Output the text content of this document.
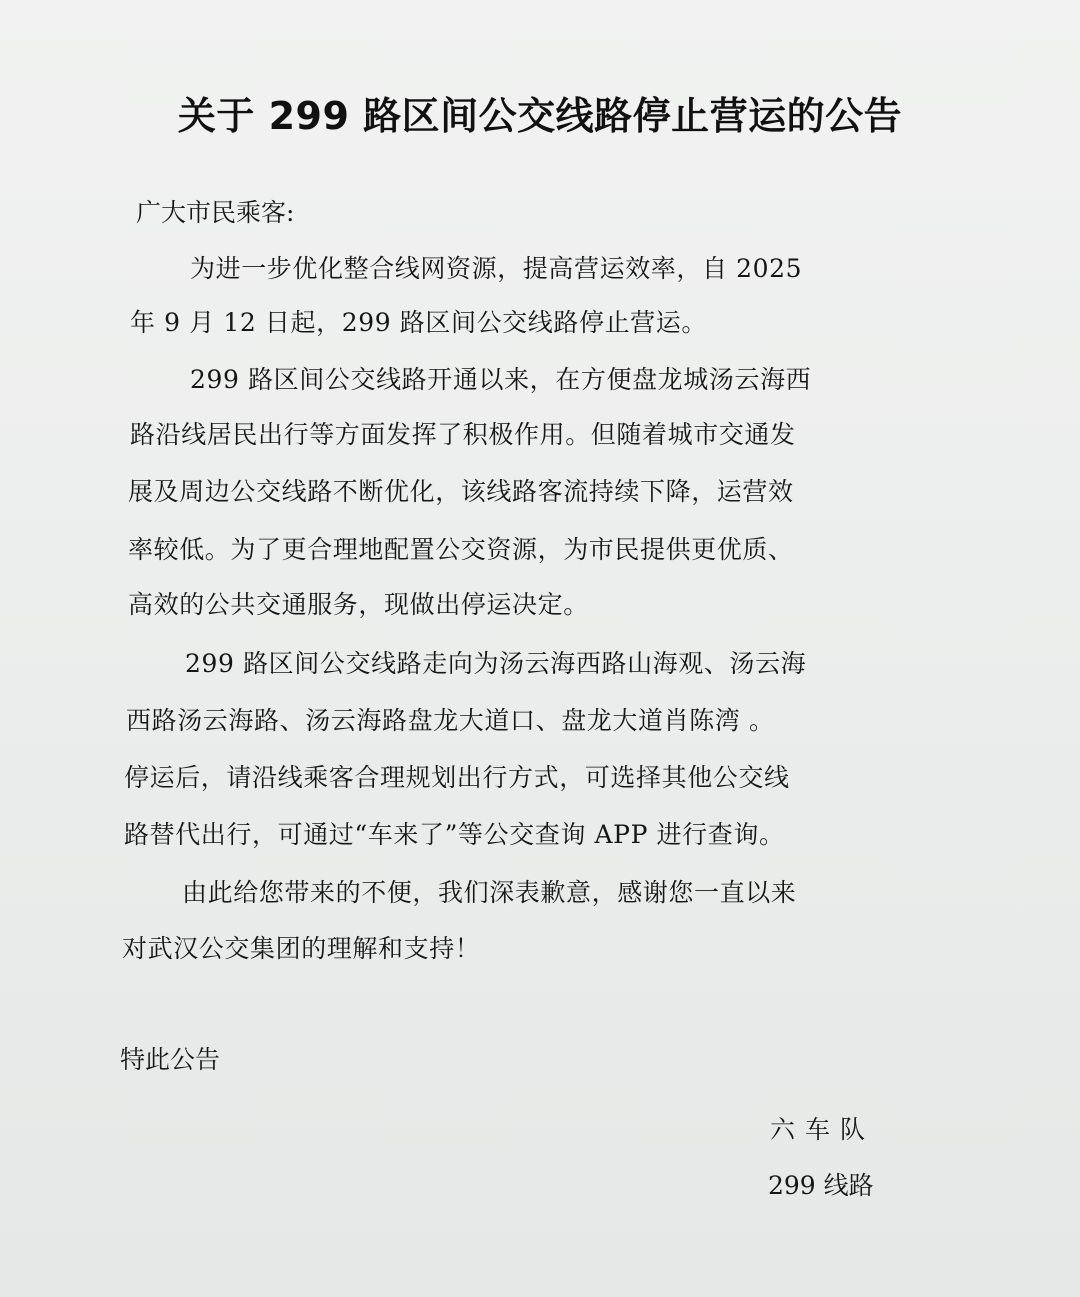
关于 299 路区间公交线路停止营运的公告
广大市民乘客:
为进一步优化整合线网资源，提高营运效率，自 2025
年 9 月 12 日起，299 路区间公交线路停止营运。
299 路区间公交线路开通以来，在方便盘龙城汤云海西
路沿线居民出行等方面发挥了积极作用。但随着城市交通发
展及周边公交线路不断优化，该线路客流持续下降，运营效
率较低。为了更合理地配置公交资源，为市民提供更优质、
高效的公共交通服务，现做出停运决定。
299 路区间公交线路走向为汤云海西路山海观、汤云海
西路汤云海路、汤云海路盘龙大道口、盘龙大道肖陈湾 。
停运后，请沿线乘客合理规划出行方式，可选择其他公交线
路替代出行，可通过“车来了”等公交查询 APP 进行查询。
由此给您带来的不便，我们深表歉意，感谢您一直以来
对武汉公交集团的理解和支持！
特此公告
六车队
299 线路
